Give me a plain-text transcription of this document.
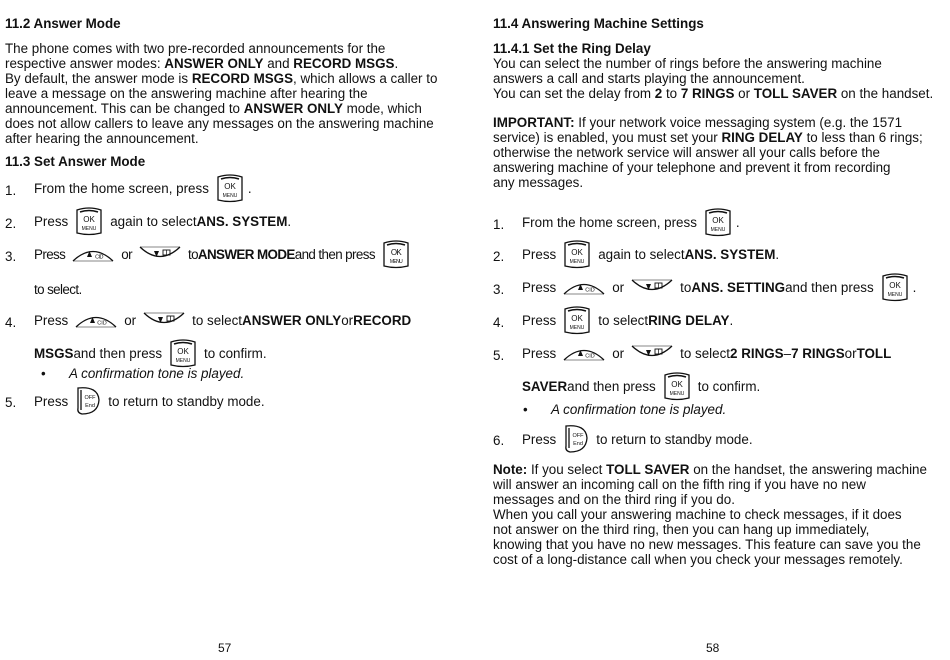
11.2 Answer Mode
The phone comes with two pre-recorded announcements for the
respective answer modes: ANSWER ONLY and RECORD MSGS.
By default, the answer mode is RECORD MSGS, which allows a caller to
leave a message on the answering machine after hearing the
announcement. This can be changed to ANSWER ONLY mode, which
does not allow callers to leave any messages on the answering machine
after hearing the announcement.
11.3 Set Answer Mode
1. From the home screen, press	.
2. Press	again to select ANS. SYSTEM .
3. Press	or	to ANSWER MODE and then press
to select.
4. Press	or	to select ANSWER ONLY or RECORD
MSGS and then press	to confirm.
• A confirmation tone is played.
5. Press	to return to standby mode.
57
11.4 Answering Machine Settings
11.4.1 Set the Ring Delay
You can select the number of rings before the answering machine
answers a call and starts playing the announcement.
You can set the delay from 2 to 7 RINGS or TOLL SAVER on the handset.
IMPORTANT: If your network voice messaging system (e.g. the 1571
service) is enabled, you must set your RING DELAY to less than 6 rings;
otherwise the network service will answer all your calls before the
answering machine of your telephone and prevent it from recording
any messages.
1. From the home screen, press	.
2. Press	again to select ANS. SYSTEM .
3. Press	or	to ANS. SETTING and then press	.
4. Press	to select RING DELAY .
5. Press	or	to select 2 RINGS – 7 RINGS or TOLL
SAVER and then press	to confirm.
• A confirmation tone is played.
6. Press	to return to standby mode.
Note: If you select TOLL SAVER on the handset, the answering machine
will answer an incoming call on the fifth ring if you have no new
messages and on the third ring if you do.
When you call your answering machine to check messages, if it does
not answer on the third ring, then you can hang up immediately,
knowing that you have no new messages. This feature can save you the
cost of a long-distance call when you check your messages remotely.
58
